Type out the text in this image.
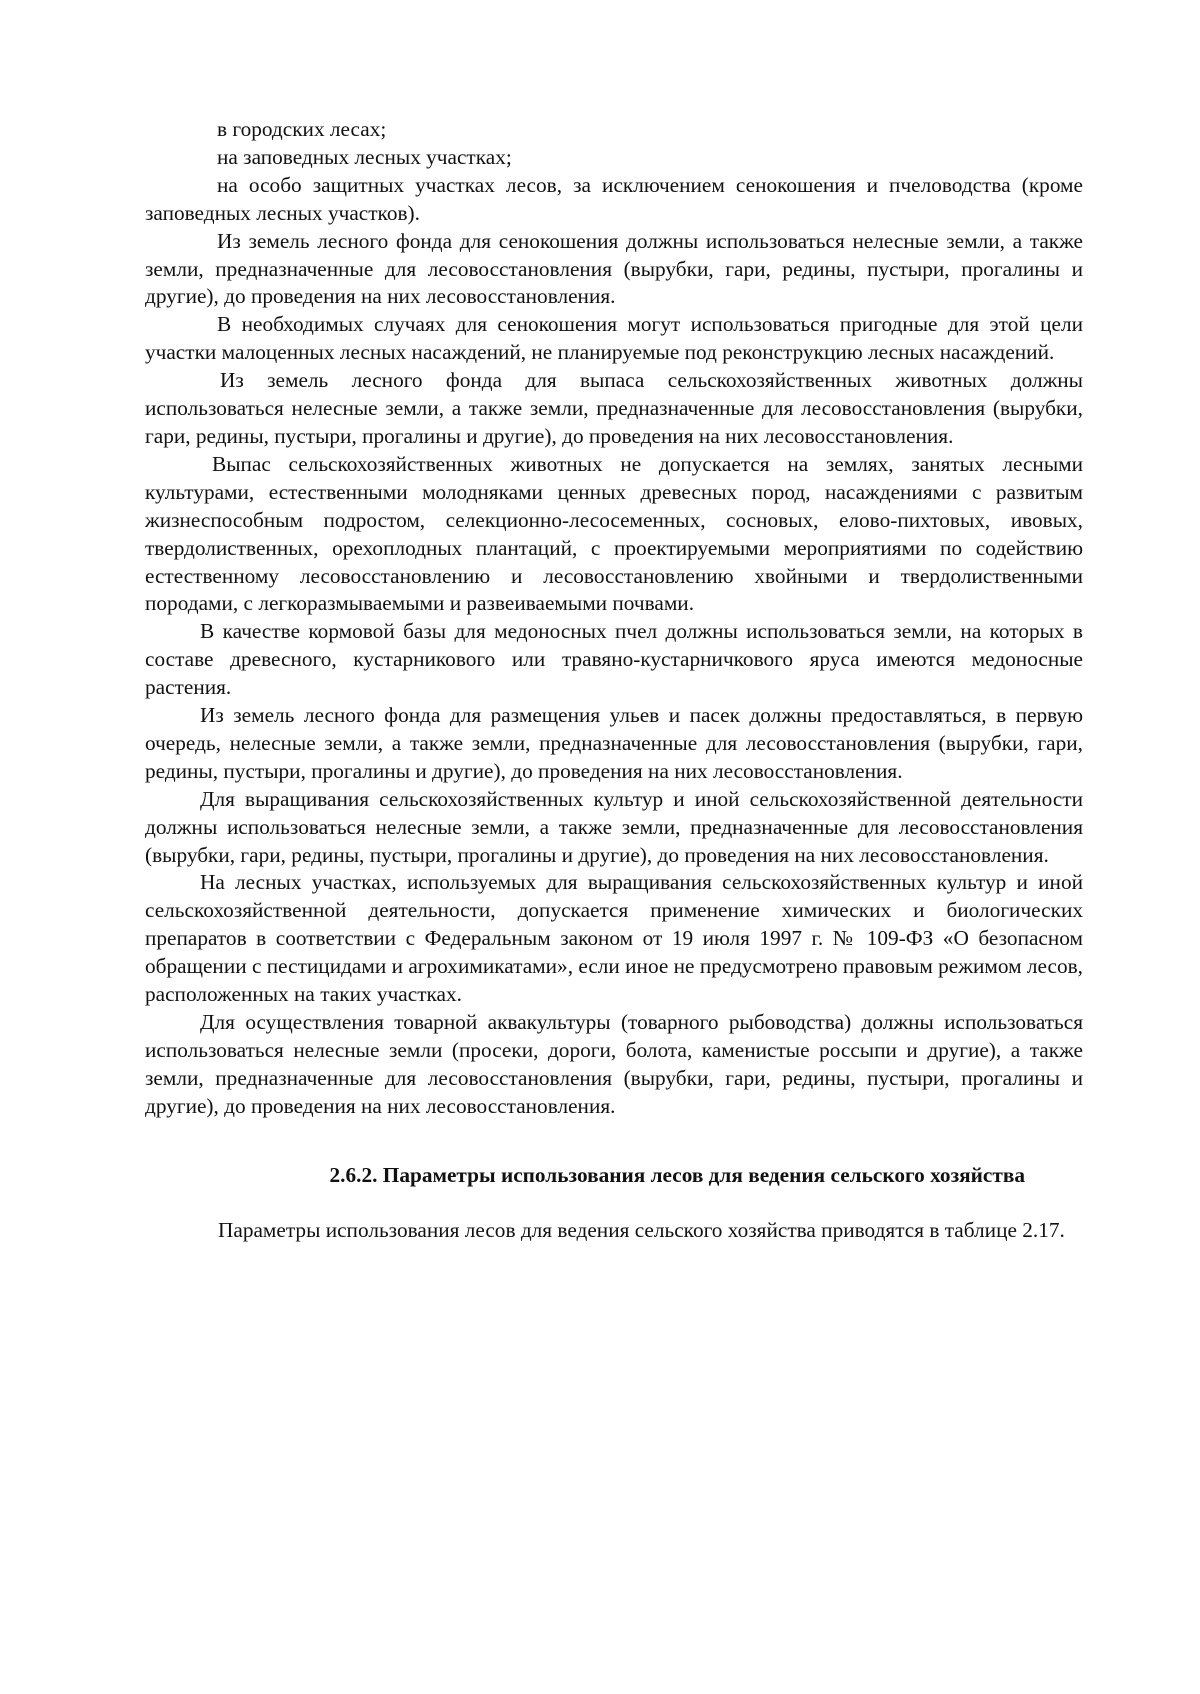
в городских лесах;

на заповедных лесных участках;

на особо защитных участках лесов, за исключением сенокошения и пчеловодства (кроме заповедных лесных участков).

Из земель лесного фонда для сенокошения должны использоваться нелесные земли, а также земли, предназначенные для лесовосстановления (вырубки, гари, редины, пустыри, прогалины и другие), до проведения на них лесовосстановления.

В необходимых случаях для сенокошения могут использоваться пригодные для этой цели участки малоценных лесных насаждений, не планируемые под реконструкцию лесных насаждений.

Из земель лесного фонда для выпаса сельскохозяйственных животных должны использоваться нелесные земли, а также земли, предназначенные для лесовосстановления (вырубки, гари, редины, пустыри, прогалины и другие), до проведения на них лесовосстановления.

Выпас сельскохозяйственных животных не допускается на землях, занятых лесными культурами, естественными молодняками ценных древесных пород, насаждениями с развитым жизнеспособным подростом, селекционно-лесосеменных, сосновых, елово-пихтовых, ивовых, твердолиственных, орехоплодных плантаций, с проектируемыми мероприятиями по содействию естественному лесовосстановлению и лесовосстановлению хвойными и твердолиственными породами, с легкоразмываемыми и развеиваемыми почвами.

В качестве кормовой базы для медоносных пчел должны использоваться земли, на которых в составе древесного, кустарникового или травяно-кустарничкового яруса имеются медоносные растения.

Из земель лесного фонда для размещения ульев и пасек должны предоставляться, в первую очередь, нелесные земли, а также земли, предназначенные для лесовосстановления (вырубки, гари, редины, пустыри, прогалины и другие), до проведения на них лесовосстановления.

Для выращивания сельскохозяйственных культур и иной сельскохозяйственной деятельности должны использоваться нелесные земли, а также земли, предназначенные для лесовосстановления (вырубки, гари, редины, пустыри, прогалины и другие), до проведения на них лесовосстановления.

На лесных участках, используемых для выращивания сельскохозяйственных культур и иной сельскохозяйственной деятельности, допускается применение химических и биологических препаратов в соответствии с Федеральным законом от 19 июля 1997 г. № 109-ФЗ «О безопасном обращении с пестицидами и агрохимикатами», если иное не предусмотрено правовым режимом лесов, расположенных на таких участках.

Для осуществления товарной аквакультуры (товарного рыбоводства) должны использоваться использоваться нелесные земли (просеки, дороги, болота, каменистые россыпи и другие), а также земли, предназначенные для лесовосстановления (вырубки, гари, редины, пустыри, прогалины и другие), до проведения на них лесовосстановления.

2.6.2. Параметры использования лесов для ведения сельского хозяйства

Параметры использования лесов для ведения сельского хозяйства приводятся в таблице 2.17.
